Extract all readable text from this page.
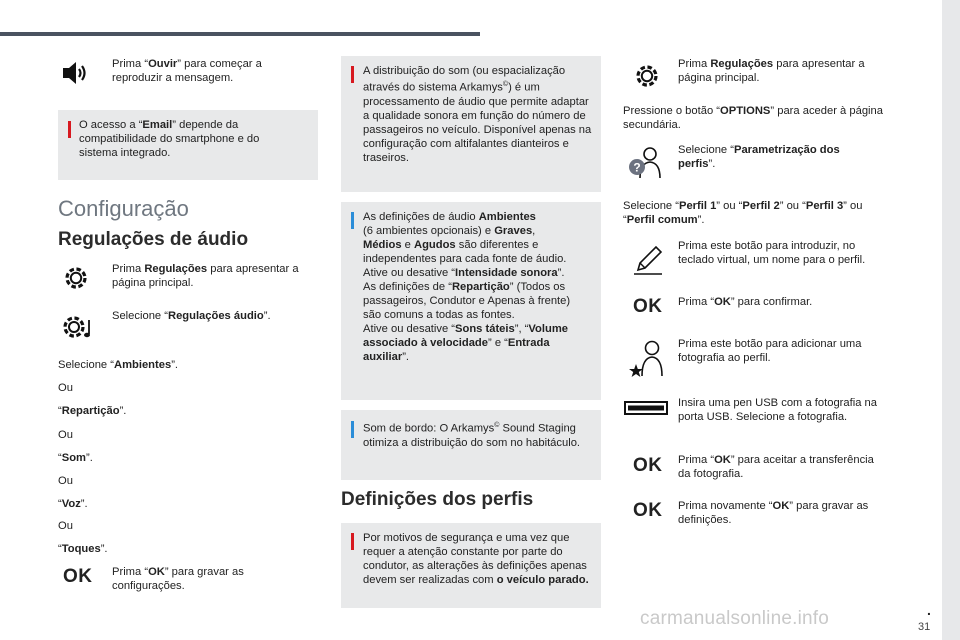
.
31
carmanualsonline.info
Prima “Ouvir” para começar a reproduzir a mensagem.
O acesso a “Email” depende da compatibilidade do smartphone e do sistema integrado.
Configuração
Regulações de áudio
Prima Regulações para apresentar a página principal.
Selecione “Regulações áudio”.
Selecione “Ambientes”.
Ou
“Repartição”.
Ou
“Som”.
Ou
“Voz”.
Ou
“Toques”.
OK Prima “OK” para gravar as configurações.
A distribuição do som (ou espacialização através do sistema Arkamys©) é um processamento de áudio que permite adaptar a qualidade sonora em função do número de passageiros no veículo. Disponível apenas na configuração com altifalantes dianteiros e traseiros.
As definições de áudio Ambientes
(6 ambientes opcionais) e Graves,
Médios e Agudos são diferentes e
independentes para cada fonte de áudio.
Ative ou desative “Intensidade sonora”.
As definições de “Repartição” (Todos os
passageiros, Condutor e Apenas à frente)
são comuns a todas as fontes.
Ative ou desative “Sons táteis”, “Volume
associado à velocidade” e “Entrada
auxiliar”.
Som de bordo: O Arkamys© Sound Staging otimiza a distribuição do som no habitáculo.
Definições dos perfis
Por motivos de segurança e uma vez que requer a atenção constante por parte do condutor, as alterações às definições apenas devem ser realizadas com o veículo parado.
Prima Regulações para apresentar a página principal.
Pressione o botão “OPTIONS” para aceder à página secundária.
?
Selecione “Parametrização dos perfis”.
Selecione “Perfil 1” ou “Perfil 2” ou “Perfil 3” ou “Perfil comum”.
Prima este botão para introduzir, no teclado virtual, um nome para o perfil.
OK Prima “OK” para confirmar.
Prima este botão para adicionar uma fotografia ao perfil.
Insira uma pen USB com a fotografia na porta USB. Selecione a fotografia.
OK Prima “OK” para aceitar a transferência da fotografia.
OK Prima novamente “OK” para gravar as definições.
